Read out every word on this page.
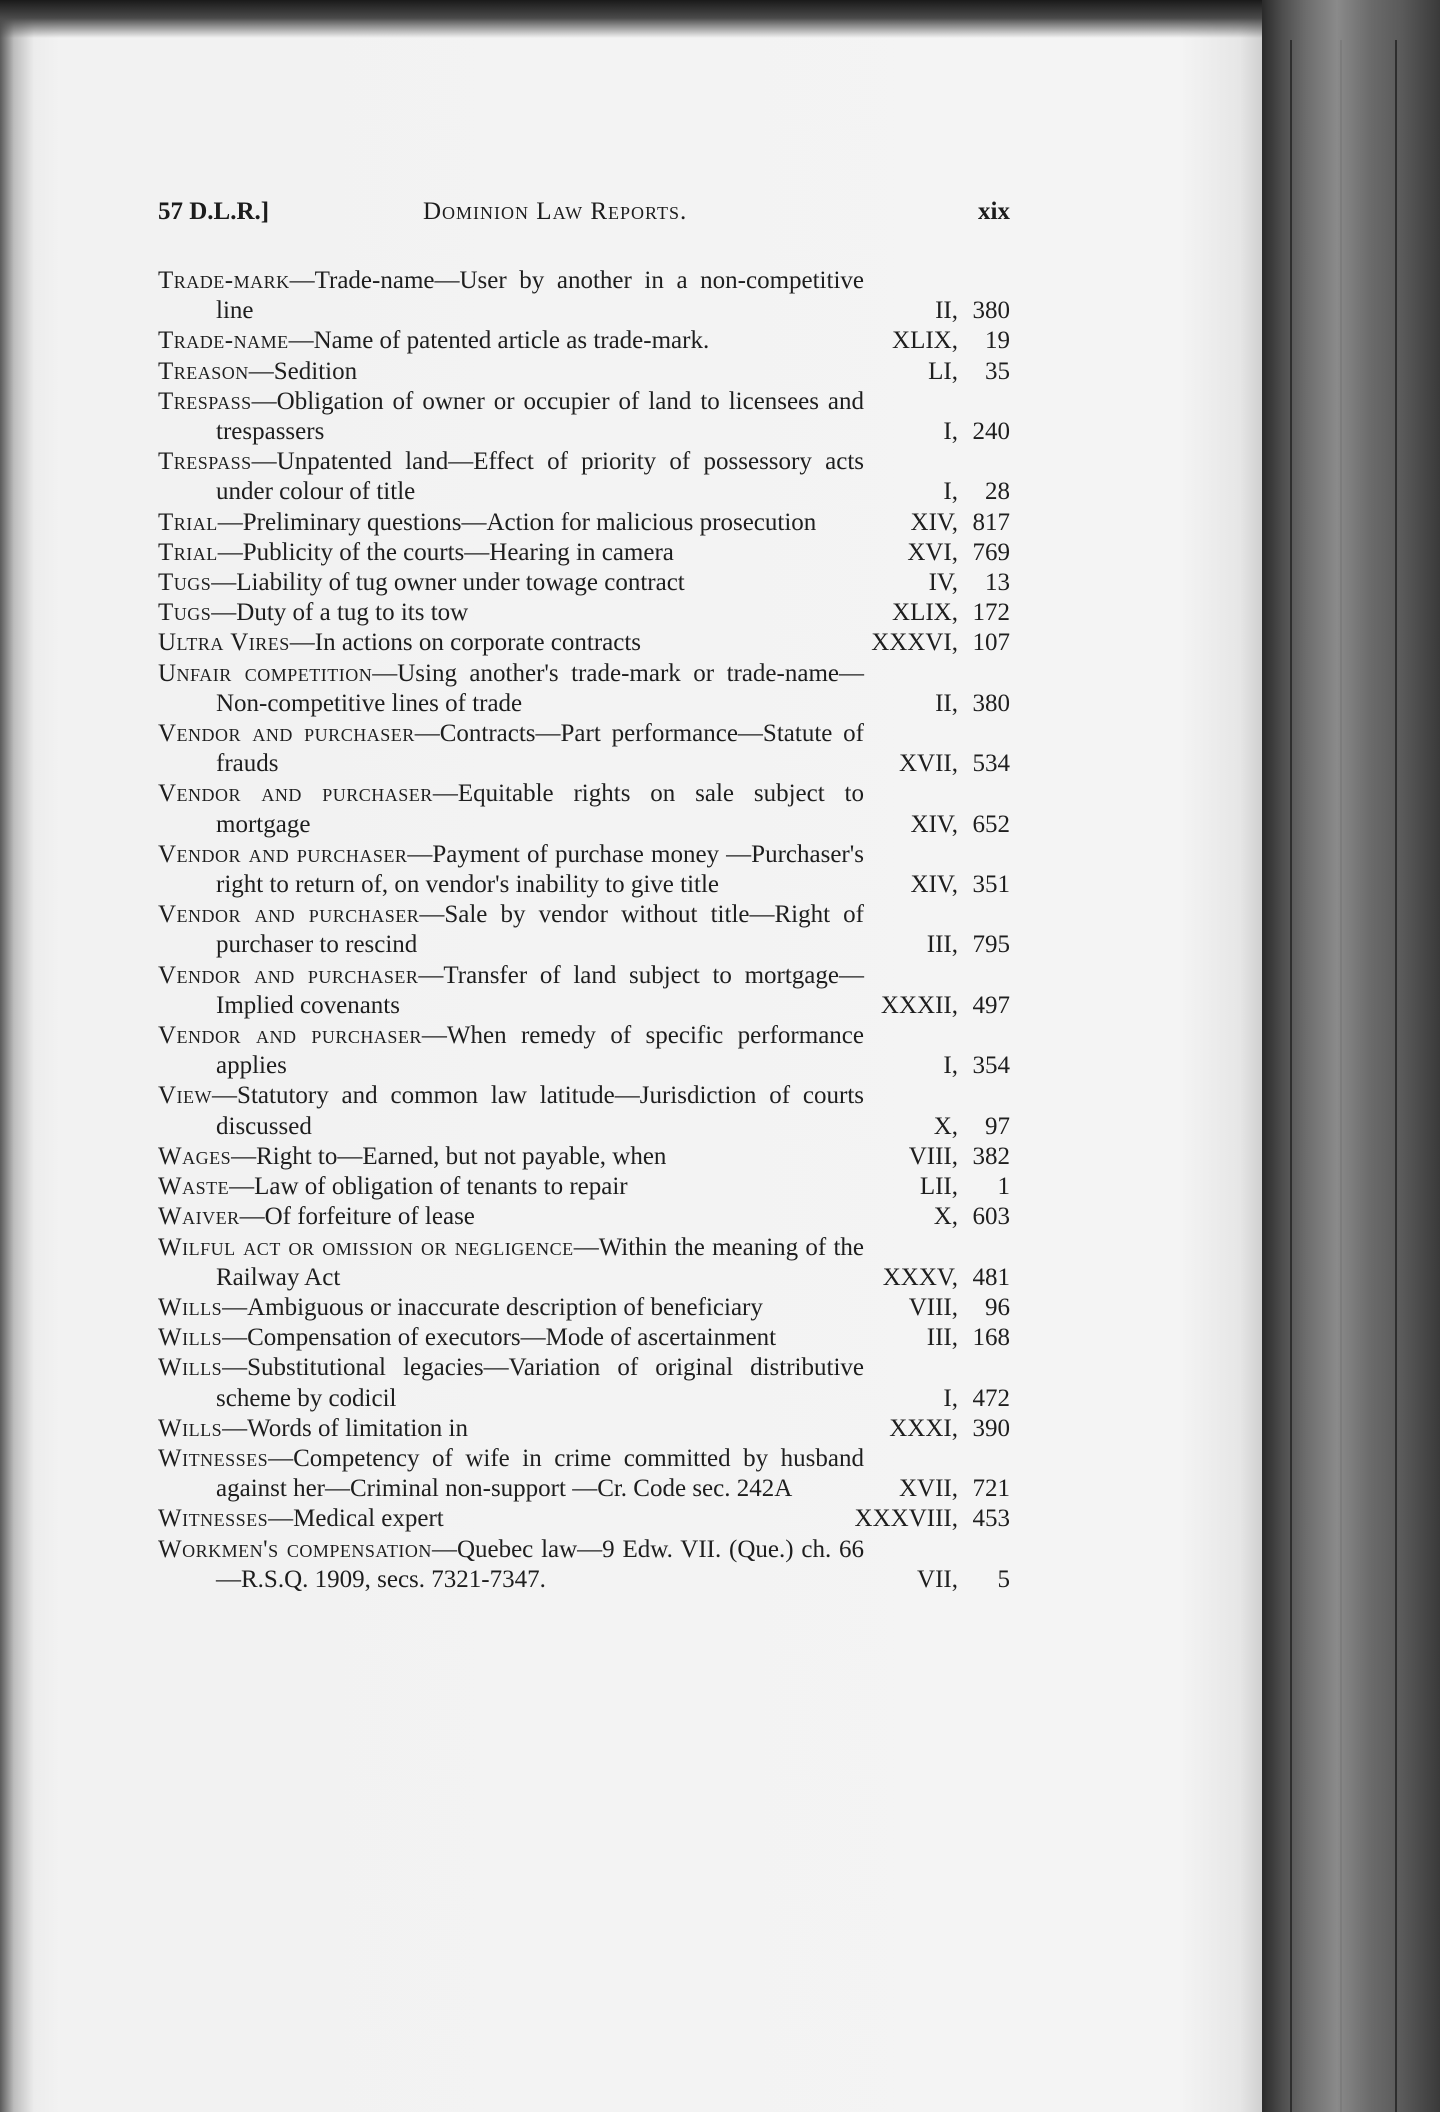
57 D.L.R.]	Dominion Law Reports.	xix
Trade-mark—Trade-name—User by another in a non-competitive line	II, 380
Trade-name—Name of patented article as trade-mark.	XLIX,	19
Treason—Sedition	LI,	35
Trespass—Obligation of owner or occupier of land to licensees and trespassers	I, 240
Trespass—Unpatented land—Effect of priority of possessory acts under colour of title	I,	28
Trial—Preliminary questions—Action for malicious prosecution	XIV, 817
Trial—Publicity of the courts—Hearing in camera	XVI, 769
Tugs—Liability of tug owner under towage contract	IV,	13
Tugs—Duty of a tug to its tow	XLIX, 172
Ultra Vires—In actions on corporate contracts	XXXVI, 107
Unfair competition—Using another's trade-mark or trade-name—Non-competitive lines of trade	II, 380
Vendor and purchaser—Contracts—Part performance—Statute of frauds	XVII, 534
Vendor and purchaser—Equitable rights on sale subject to mortgage	XIV, 652
Vendor and purchaser—Payment of purchase money —Purchaser's right to return of, on vendor's inability to give title	XIV, 351
Vendor and purchaser—Sale by vendor without title—Right of purchaser to rescind	III, 795
Vendor and purchaser—Transfer of land subject to mortgage—Implied covenants	XXXII, 497
Vendor and purchaser—When remedy of specific performance applies	I, 354
View—Statutory and common law latitude—Jurisdiction of courts discussed	X,	97
Wages—Right to—Earned, but not payable, when	VIII, 382
Waste—Law of obligation of tenants to repair	LII,	1
Waiver—Of forfeiture of lease	X, 603
Wilful act or omission or negligence—Within the meaning of the Railway Act	XXXV, 481
Wills—Ambiguous or inaccurate description of beneficiary	VIII,	96
Wills—Compensation of executors—Mode of ascertainment	III, 168
Wills—Substitutional legacies—Variation of original distributive scheme by codicil	I, 472
Wills—Words of limitation in	XXXI, 390
Witnesses—Competency of wife in crime committed by husband against her—Criminal non-support —Cr. Code sec. 242A	XVII, 721
Witnesses—Medical expert	XXXVIII, 453
Workmen's compensation—Quebec law—9 Edw. VII. (Que.) ch. 66—R.S.Q. 1909, secs. 7321-7347.	VII,	5
